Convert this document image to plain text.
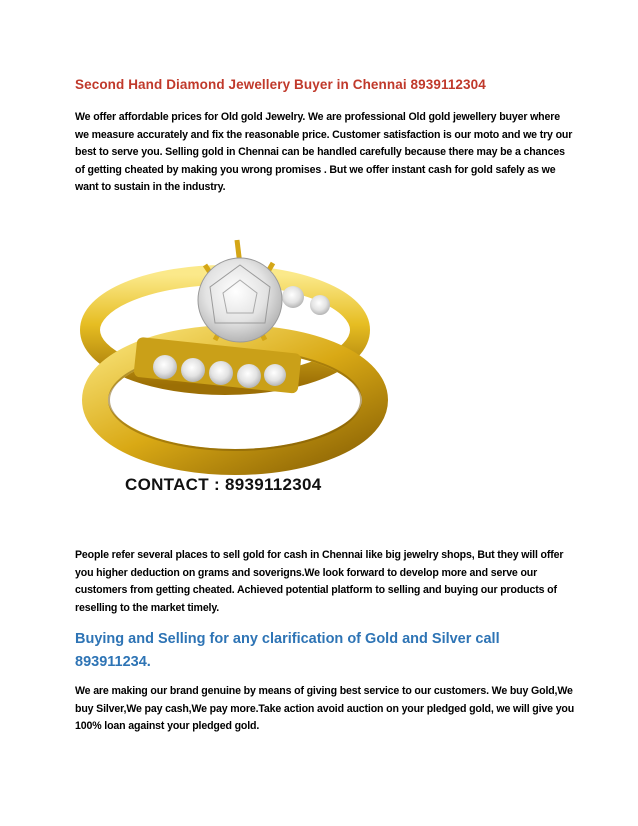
Second Hand Diamond Jewellery Buyer in Chennai 8939112304
We offer affordable prices for Old gold Jewelry. We are professional Old gold jewellery buyer where we measure accurately and fix the reasonable price. Customer satisfaction is our moto and we try our best to serve you. Selling gold in Chennai can be handled carefully because there may be a chances of getting cheated by making you wrong promises . But we offer instant cash for gold safely as we want to sustain in the industry.
CONTACT : 8939112304
People refer several places to sell gold for cash in Chennai like big jewelry shops, But they will offer you higher deduction on grams and soverigns.We look forward to develop more and serve our customers from getting cheated. Achieved potential platform to selling and buying our products of reselling to the market timely.
Buying and Selling for any clarification of Gold and Silver call 893911234.
We are making our brand genuine by means of giving best service to our customers. We buy Gold,We buy Silver,We pay cash,We pay more.Take action avoid auction on your pledged gold, we will give you 100% loan against your pledged gold.
